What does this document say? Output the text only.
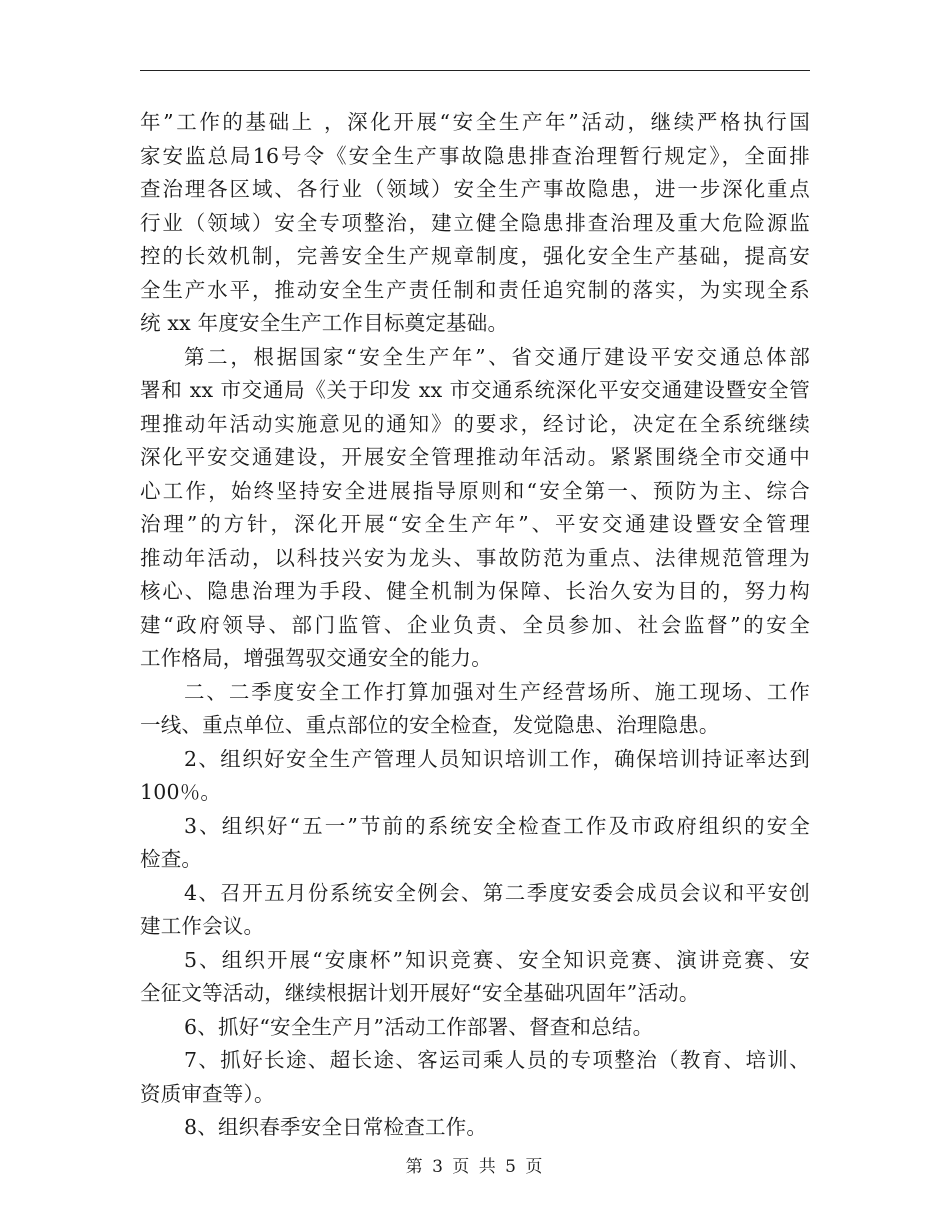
年”工作的基础上 ，深化开展“安全生产年”活动，继续严格执行国
家安监总局16号令《安全生产事故隐患排查治理暂行规定》，全面排
查治理各区域、各行业（领域）安全生产事故隐患，进一步深化重点
行业（领域）安全专项整治，建立健全隐患排查治理及重大危险源监
控的长效机制，完善安全生产规章制度，强化安全生产基础，提高安
全生产水平，推动安全生产责任制和责任追究制的落实，为实现全系
统 xx 年度安全生产工作目标奠定基础。
第二，根据国家“安全生产年”、省交通厅建设平安交通总体部
署和 xx 市交通局《关于印发 xx 市交通系统深化平安交通建设暨安全管
理推动年活动实施意见的通知》的要求，经讨论，决定在全系统继续
深化平安交通建设，开展安全管理推动年活动。紧紧围绕全市交通中
心工作，始终坚持安全进展指导原则和“安全第一、预防为主、综合
治理”的方针，深化开展“安全生产年”、平安交通建设暨安全管理
推动年活动，以科技兴安为龙头、事故防范为重点、法律规范管理为
核心、隐患治理为手段、健全机制为保障、长治久安为目的，努力构
建“政府领导、部门监管、企业负责、全员参加、社会监督”的安全
工作格局，增强驾驭交通安全的能力。
二、二季度安全工作打算加强对生产经营场所、施工现场、工作
一线、重点单位、重点部位的安全检查，发觉隐患、治理隐患。
2、组织好安全生产管理人员知识培训工作，确保培训持证率达到
100％。
3、组织好“五一”节前的系统安全检查工作及市政府组织的安全
检查。
4、召开五月份系统安全例会、第二季度安委会成员会议和平安创
建工作会议。
5、组织开展“安康杯”知识竞赛、安全知识竞赛、演讲竞赛、安
全征文等活动，继续根据计划开展好“安全基础巩固年”活动。
6、抓好“安全生产月”活动工作部署、督查和总结。
7、抓好长途、超长途、客运司乘人员的专项整治（教育、培训、
资质审查等）。
8、组织春季安全日常检查工作。
第 3 页 共 5 页
